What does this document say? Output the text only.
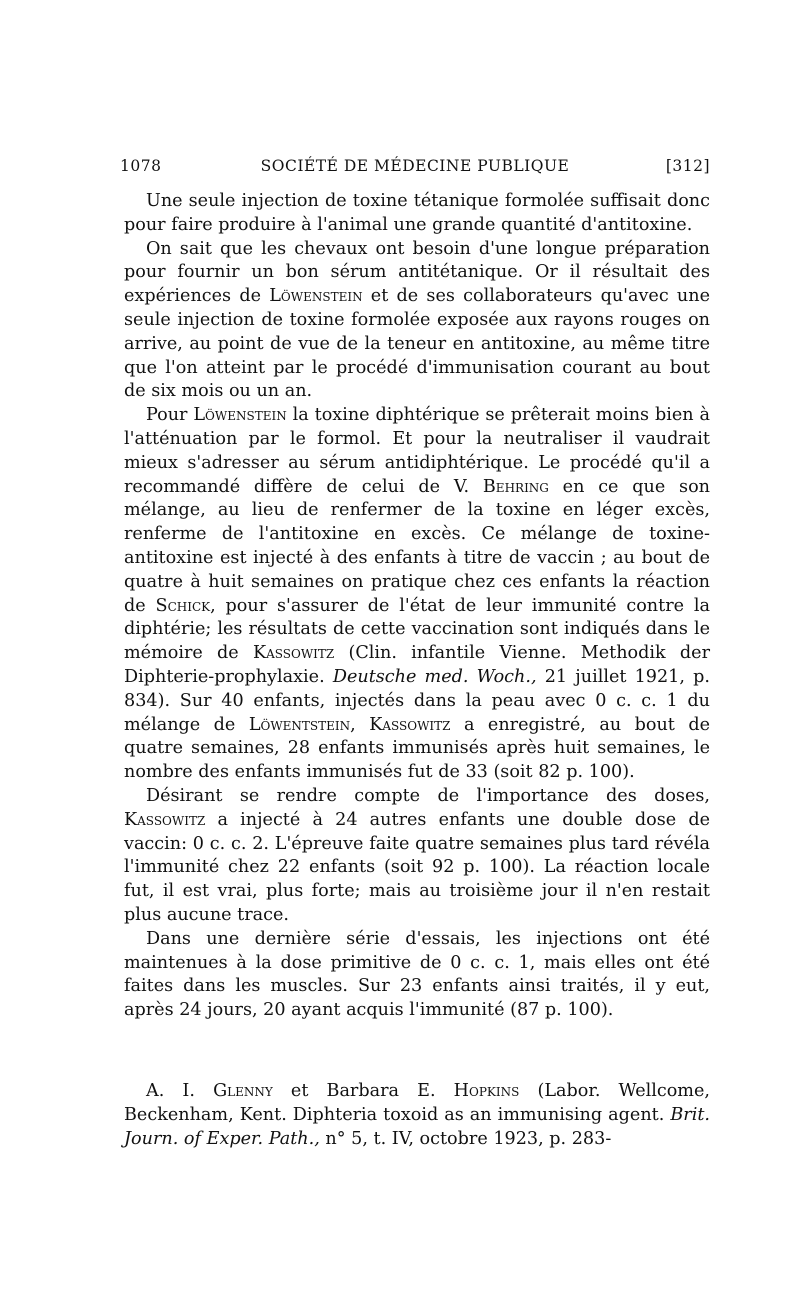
1078	SOCIÉTÉ DE MÉDECINE PUBLIQUE	[312]

Une seule injection de toxine tétanique formolée suffisait donc pour faire produire à l'animal une grande quantité d'antitoxine.

On sait que les chevaux ont besoin d'une longue préparation pour fournir un bon sérum antitétanique. Or il résultait des expériences de Löwenstein et de ses collaborateurs qu'avec une seule injection de toxine formolée exposée aux rayons rouges on arrive, au point de vue de la teneur en antitoxine, au même titre que l'on atteint par le procédé d'immunisation courant au bout de six mois ou un an.

Pour Löwenstein la toxine diphtérique se prêterait moins bien à l'atténuation par le formol. Et pour la neutraliser il vaudrait mieux s'adresser au sérum antidiphtérique. Le procédé qu'il a recommandé diffère de celui de V. Behring en ce que son mélange, au lieu de renfermer de la toxine en léger excès, renferme de l'antitoxine en excès. Ce mélange de toxine-antitoxine est injecté à des enfants à titre de vaccin ; au bout de quatre à huit semaines on pratique chez ces enfants la réaction de Schick, pour s'assurer de l'état de leur immunité contre la diphtérie; les résultats de cette vaccination sont indiqués dans le mémoire de Kassowitz (Clin. infantile Vienne. Methodik der Diphterie-prophylaxie. Deutsche med. Woch., 21 juillet 1921, p. 834). Sur 40 enfants, injectés dans la peau avec 0 c. c. 1 du mélange de Löwentstein, Kassowitz a enregistré, au bout de quatre semaines, 28 enfants immunisés après huit semaines, le nombre des enfants immunisés fut de 33 (soit 82 p. 100).

Désirant se rendre compte de l'importance des doses, Kassowitz a injecté à 24 autres enfants une double dose de vaccin: 0 c. c. 2. L'épreuve faite quatre semaines plus tard révéla l'immunité chez 22 enfants (soit 92 p. 100). La réaction locale fut, il est vrai, plus forte; mais au troisième jour il n'en restait plus aucune trace.

Dans une dernière série d'essais, les injections ont été maintenues à la dose primitive de 0 c. c. 1, mais elles ont été faites dans les muscles. Sur 23 enfants ainsi traités, il y eut, après 24 jours, 20 ayant acquis l'immunité (87 p. 100).

A. I. Glenny et Barbara E. Hopkins (Labor. Wellcome, Beckenham, Kent. Diphteria toxoid as an immunising agent. Brit. Journ. of Exper. Path., n° 5, t. IV, octobre 1923, p. 283-
